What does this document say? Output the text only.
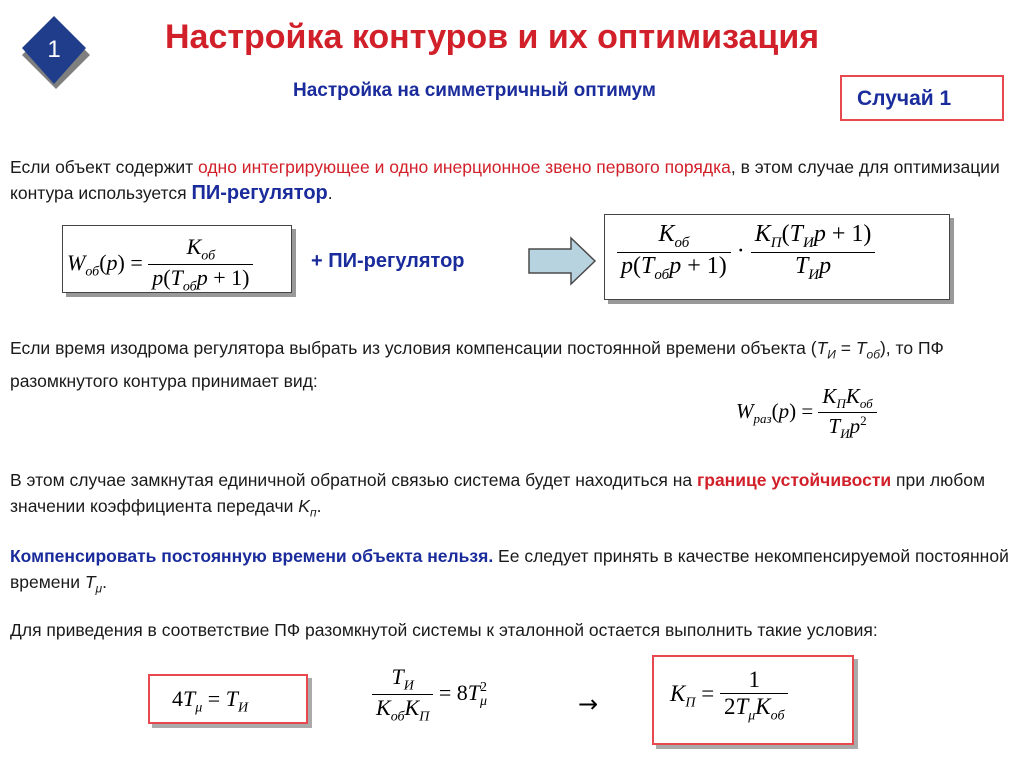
1	Настройка контуров и их оптимизация
Настройка на симметричный оптимум	Случай 1
Если объект содержит одно интегрирующее и одно инерционное звено первого порядка, в этом случае для оптимизации контура используется ПИ-регулятор.
$W_{об}(p) = \frac{K_{об}}{p(T_{об}p + 1)}$	+ ПИ-регулятор	$\frac{K_{об}}{p(T_{об}p + 1)} \cdot \frac{K_П(T_Иp + 1)}{T_Иp}$
Если время изодрома регулятора выбрать из условия компенсации постоянной времени объекта $(T_И = T_{об})$, то ПФ разомкнутого контура принимает вид:
$W_{раз}(p) = \frac{K_ПK_{об}}{T_Иp^2}$
В этом случае замкнутая единичной обратной связью система будет находиться на границе устойчивости при любом значении коэффициента передачи $K_п$.
Компенсировать постоянную времени объекта нельзя. Ее следует принять в качестве некомпенсируемой постоянной времени $T_\mu$.
Для приведения в соответствие ПФ разомкнутой системы к эталонной остается выполнить такие условия:
$4T_\mu = T_И$	$\frac{T_И}{K_{об}K_П} = 8T$ 2
μ	→	$K_П = \frac{1}{2T_\mu K_{об}}$
